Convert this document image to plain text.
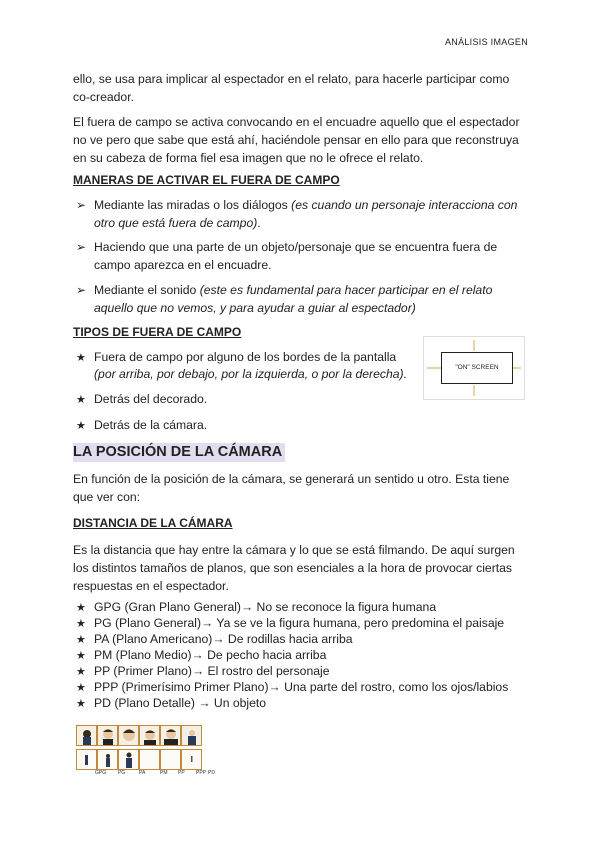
ANÁLISIS IMAGEN

ello, se usa para implicar al espectador en el relato, para hacerle participar como co-creador.

El fuera de campo se activa convocando en el encuadre aquello que el espectador no ve pero que sabe que está ahí, haciéndole pensar en ello para que reconstruya en su cabeza de forma fiel esa imagen que no le ofrece el relato.

MANERAS DE ACTIVAR EL FUERA DE CAMPO
➢ Mediante las miradas o los diálogos (es cuando un personaje interacciona con otro que está fuera de campo).
➢ Haciendo que una parte de un objeto/personaje que se encuentra fuera de campo aparezca en el encuadre.
➢ Mediante el sonido (este es fundamental para hacer participar en el relato aquello que no vemos, y para ayudar a guiar al espectador)
TIPOS DE FUERA DE CAMPO
★ Fuera de campo por alguno de los bordes de la pantalla
(por arriba, por debajo, por la izquierda, o por la derecha).
★ Detrás del decorado.
★ Detrás de la cámara.
"ON" SCREEN
LA POSICIÓN DE LA CÁMARA

En función de la posición de la cámara, se generará un sentido u otro. Esta tiene que ver con:

DISTANCIA DE LA CÁMARA

Es la distancia que hay entre la cámara y lo que se está filmando. De aquí surgen los distintos tamaños de planos, que son esenciales a la hora de provocar ciertas respuestas en el espectador.

★ GPG (Gran Plano General)→ No se reconoce la figura humana
★ PG (Plano General)→ Ya se ve la figura humana, pero predomina el paisaje
★ PA (Plano Americano)→ De rodillas hacia arriba
★ PM (Plano Medio)→ De pecho hacia arriba
★ PP (Primer Plano)→ El rostro del personaje
★ PPP (Primerísimo Primer Plano)→ Una parte del rostro, como los ojos/labios
★ PD (Plano Detalle) → Un objeto
GPG PG	PA	PM PP PPP PD
